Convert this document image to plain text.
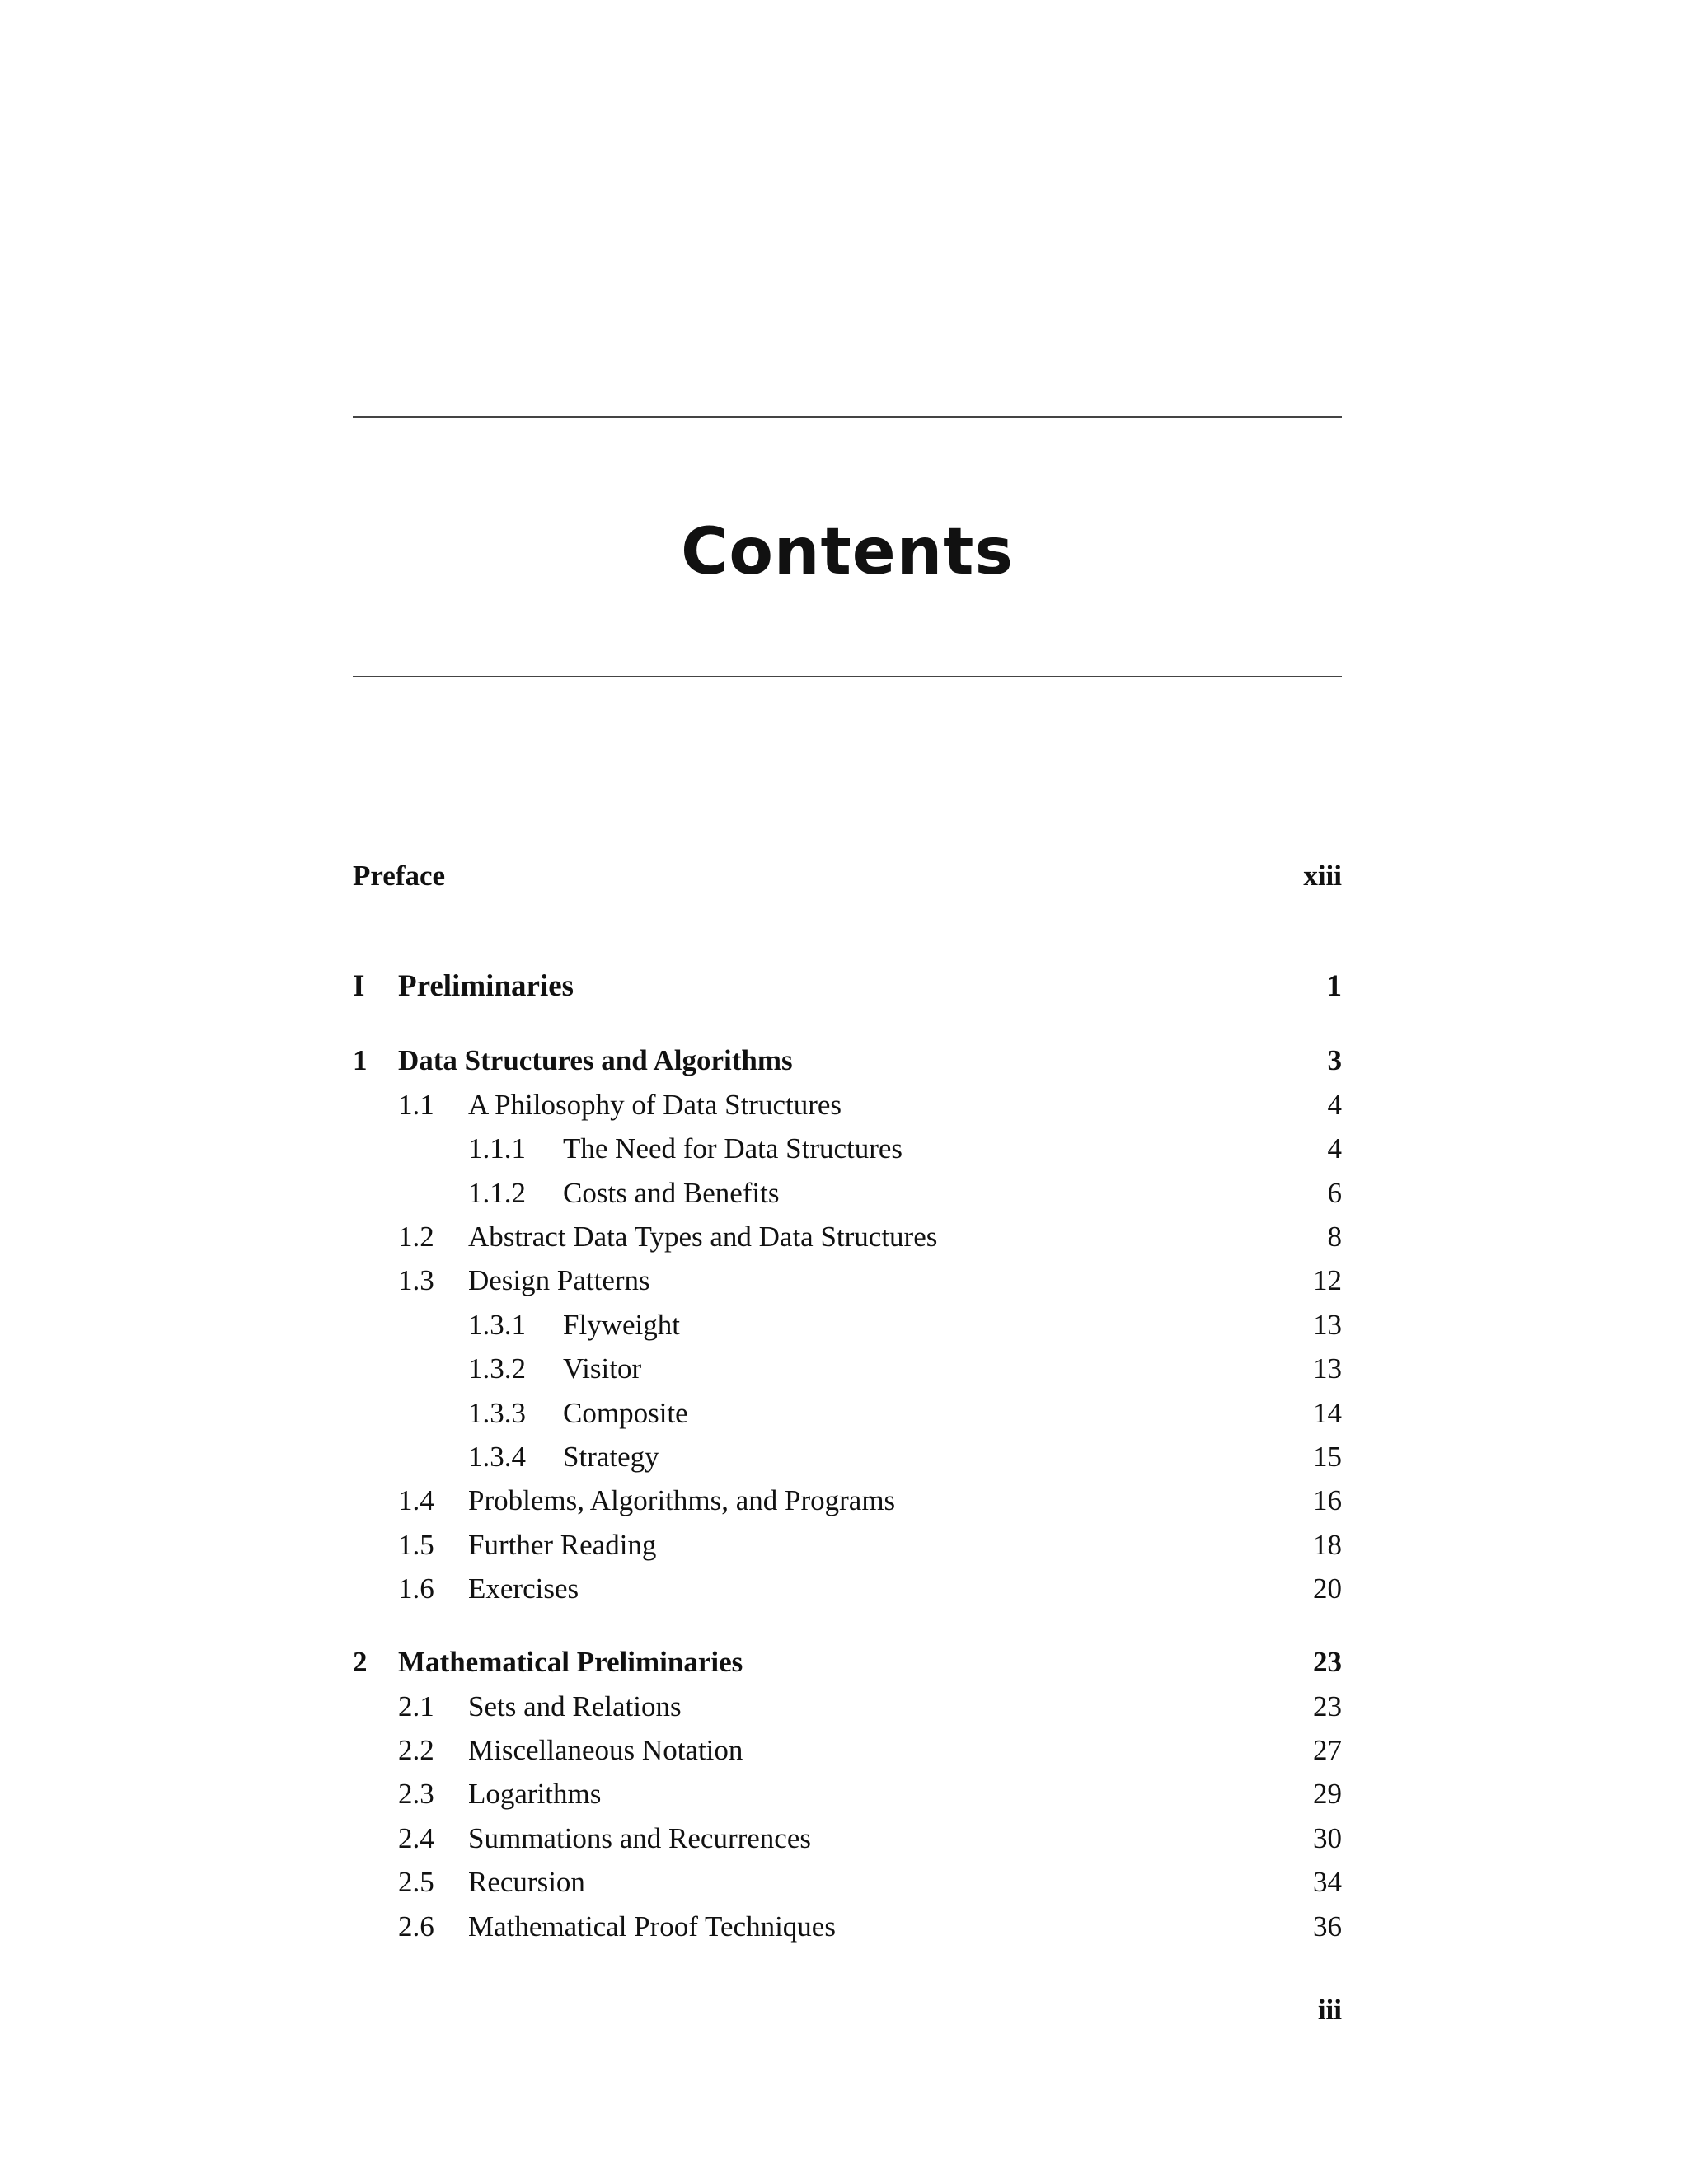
Contents
Preface	xiii
I Preliminaries	1
1 Data Structures and Algorithms	3
1.1 A Philosophy of Data Structures	4
1.1.1 The Need for Data Structures	4
1.1.2 Costs and Benefits	6
1.2 Abstract Data Types and Data Structures	8
1.3 Design Patterns	12
1.3.1 Flyweight	13
1.3.2 Visitor	13
1.3.3 Composite	14
1.3.4 Strategy	15
1.4 Problems, Algorithms, and Programs	16
1.5 Further Reading	18
1.6 Exercises	20
2 Mathematical Preliminaries	23
2.1 Sets and Relations	23
2.2 Miscellaneous Notation	27
2.3 Logarithms	29
2.4 Summations and Recurrences	30
2.5 Recursion	34
2.6 Mathematical Proof Techniques	36
iii
